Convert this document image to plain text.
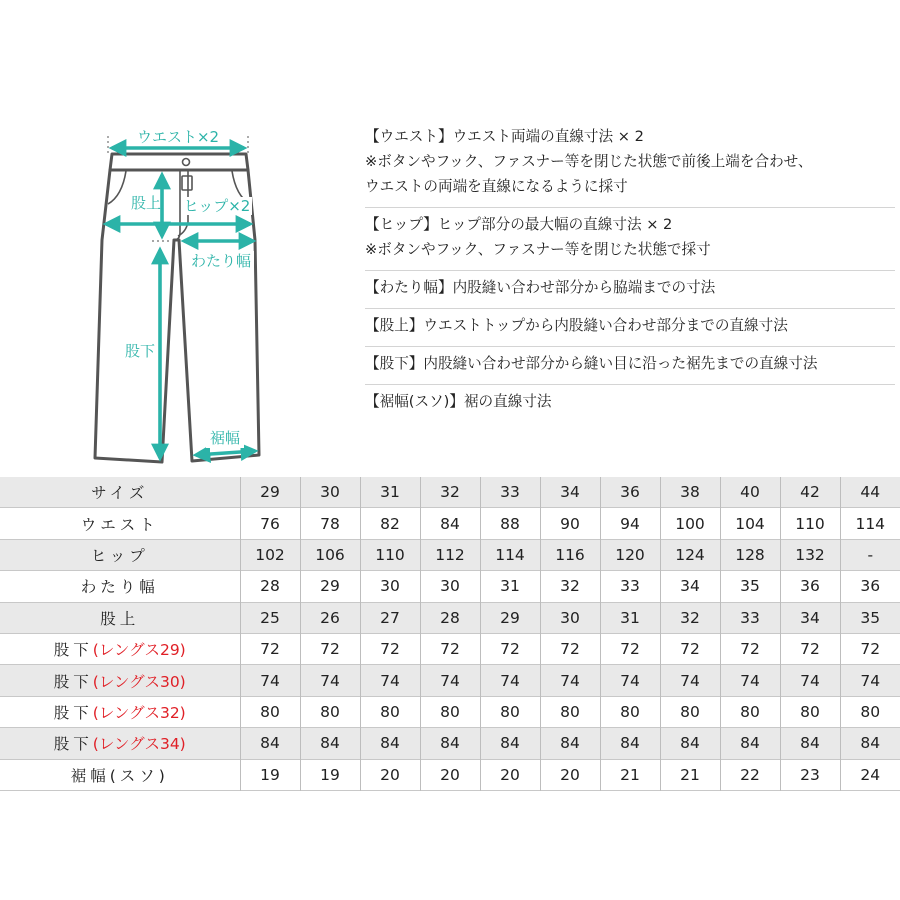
ウエスト×2
股上 ヒップ×2
わたり幅
股下
裾幅
【ウエスト】ウエスト両端の直線寸法 × 2
※ボタンやフック、ファスナー等を閉じた状態で前後上端を合わせ、
ウエストの両端を直線になるように採寸
【ヒップ】ヒップ部分の最大幅の直線寸法 × 2
※ボタンやフック、ファスナー等を閉じた状態で採寸
【わたり幅】内股縫い合わせ部分から脇端までの寸法
【股上】ウエストトップから内股縫い合わせ部分までの直線寸法
【股下】内股縫い合わせ部分から縫い目に沿った裾先までの直線寸法
【裾幅(スソ)】裾の直線寸法
サイズ	29	30	31	32	33	34	36	38	40	42	44
ウエスト	76	78	82	84	88	90	94	100	104	110	114
ヒップ	102	106	110	112	114	116	120	124	128	132	-
わたり幅	28	29	30	30	31	32	33	34	35	36	36
股上	25	26	27	28	29	30	31	32	33	34	35
股下(レングス29)	72	72	72	72	72	72	72	72	72	72	72
股下(レングス30)	74	74	74	74	74	74	74	74	74	74	74
股下(レングス32)	80	80	80	80	80	80	80	80	80	80	80
股下(レングス34)	84	84	84	84	84	84	84	84	84	84	84
裾幅(スソ)	19	19	20	20	20	20	21	21	22	23	24
